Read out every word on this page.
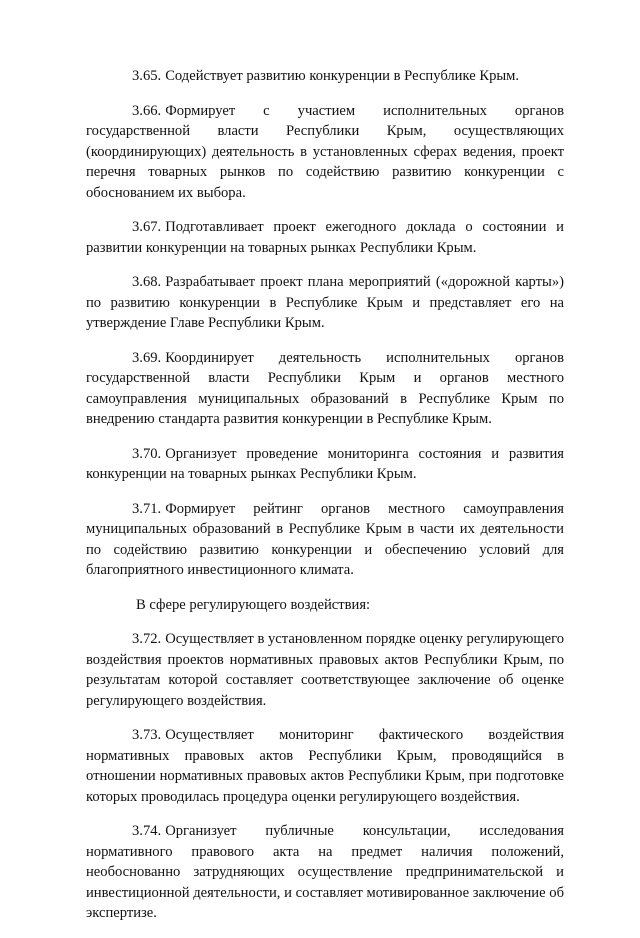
3.65. Содействует развитию конкуренции в Республике Крым.

3.66. Формирует с участием исполнительных органов государственной власти Республики Крым, осуществляющих (координирующих) деятельность в установленных сферах ведения, проект перечня товарных рынков по содействию развитию конкуренции с обоснованием их выбора.

3.67. Подготавливает проект ежегодного доклада о состоянии и развитии конкуренции на товарных рынках Республики Крым.

3.68. Разрабатывает проект плана мероприятий («дорожной карты») по развитию конкуренции в Республике Крым и представляет его на утверждение Главе Республики Крым.

3.69. Координирует деятельность исполнительных органов государственной власти Республики Крым и органов местного самоуправления муниципальных образований в Республике Крым по внедрению стандарта развития конкуренции в Республике Крым.

3.70. Организует проведение мониторинга состояния и развития конкуренции на товарных рынках Республики Крым.

3.71. Формирует рейтинг органов местного самоуправления муниципальных образований в Республике Крым в части их деятельности по содействию развитию конкуренции и обеспечению условий для благоприятного инвестиционного климата.

В сфере регулирующего воздействия:

3.72. Осуществляет в установленном порядке оценку регулирующего воздействия проектов нормативных правовых актов Республики Крым, по результатам которой составляет соответствующее заключение об оценке регулирующего воздействия.

3.73. Осуществляет мониторинг фактического воздействия нормативных правовых актов Республики Крым, проводящийся в отношении нормативных правовых актов Республики Крым, при подготовке которых проводилась процедура оценки регулирующего воздействия.

3.74. Организует публичные консультации, исследования нормативного правового акта на предмет наличия положений, необоснованно затрудняющих осуществление предпринимательской и инвестиционной деятельности, и составляет мотивированное заключение об экспертизе.
